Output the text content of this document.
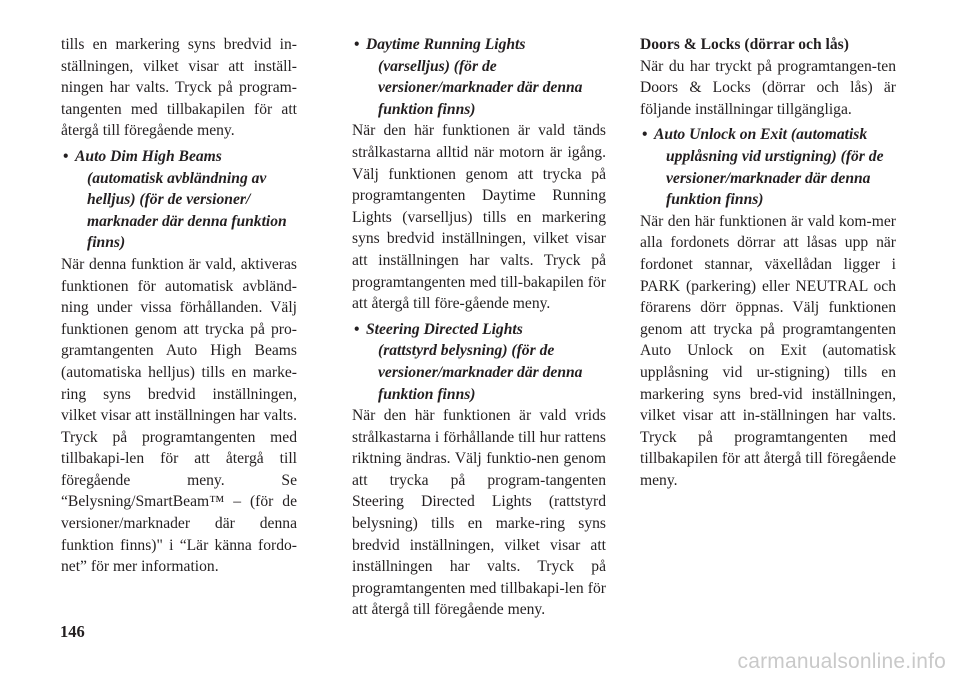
tills en markering syns bredvid in-ställningen, vilket visar att inställ-ningen har valts. Tryck på program-tangenten med tillbakapilen för att återgå till föregående meny.

• Auto Dim High Beams
(automatisk avbländning av helljus) (för de versioner/ marknader där denna funktion finns)

När denna funktion är vald, aktiveras funktionen för automatisk avbländ-ning under vissa förhållanden. Välj funktionen genom att trycka på pro-gramtangenten Auto High Beams (automatiska helljus) tills en marke-ring syns bredvid inställningen, vilket visar att inställningen har valts. Tryck på programtangenten med tillbakapi-len för att återgå till föregående meny. Se “Belysning/SmartBeam™ – (för de versioner/marknader där denna funktion finns)" i “Lär känna fordo-net” för mer information.

• Daytime Running Lights
(varselljus) (för de versioner/marknader där denna funktion finns)

När den här funktionen är vald tänds strålkastarna alltid när motorn är igång. Välj funktionen genom att trycka på programtangenten Daytime Running Lights (varselljus) tills en markering syns bredvid inställningen, vilket visar att inställningen har valts. Tryck på programtangenten med till-bakapilen för att återgå till före-gående meny.

• Steering Directed Lights
(rattstyrd belysning) (för de versioner/marknader där denna funktion finns)

När den här funktionen är vald vrids strålkastarna i förhållande till hur rattens riktning ändras. Välj funktio-nen genom att trycka på program-tangenten Steering Directed Lights (rattstyrd belysning) tills en marke-ring syns bredvid inställningen, vilket visar att inställningen har valts. Tryck på programtangenten med tillbakapi-len för att återgå till föregående meny.

Doors & Locks (dörrar och lås)

När du har tryckt på programtangen-ten Doors & Locks (dörrar och lås) är följande inställningar tillgängliga.

• Auto Unlock on Exit (automatisk
upplåsning vid urstigning) (för de versioner/marknader där denna funktion finns)

När den här funktionen är vald kom-mer alla fordonets dörrar att låsas upp när fordonet stannar, växellådan ligger i PARK (parkering) eller NEUTRAL och förarens dörr öppnas. Välj funktionen genom att trycka på programtangenten Auto Unlock on Exit (automatisk upplåsning vid ur-stigning) tills en markering syns bred-vid inställningen, vilket visar att in-ställningen har valts. Tryck på programtangenten med tillbakapilen för att återgå till föregående meny.

146
carmanualsonline.info
